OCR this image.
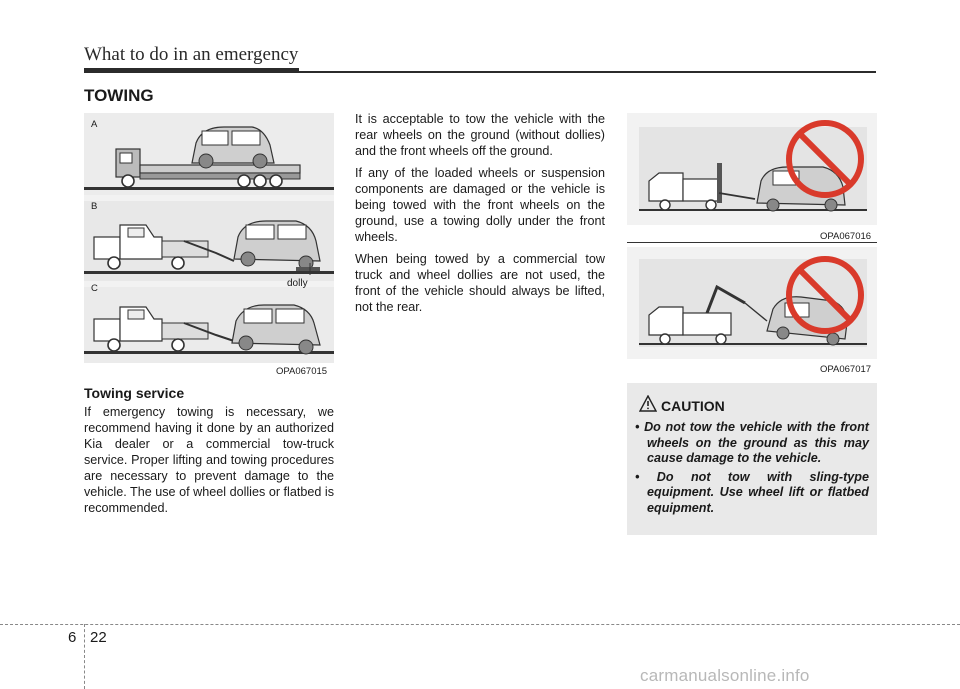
What to do in an emergency
TOWING
A
B
C	dolly
OPA067015
Towing service

If emergency towing is necessary, we recommend having it done by an authorized Kia dealer or a commercial tow-truck service. Proper lifting and towing procedures are necessary to prevent damage to the vehicle. The use of wheel dollies or flatbed is recommended.

It is acceptable to tow the vehicle with the rear wheels on the ground (without dollies) and the front wheels off the ground.

If any of the loaded wheels or suspension components are damaged or the vehicle is being towed with the front wheels on the ground, use a towing dolly under the front wheels.

When being towed by a commercial tow truck and wheel dollies are not used, the front of the vehicle should always be lifted, not the rear.

OPA067016
OPA067017
CAUTION
• Do not tow the vehicle with the front wheels on the ground as this may cause damage to the vehicle.
• Do not tow with sling-type equipment. Use wheel lift or flatbed equipment.
6 22
carmanualsonline.info
